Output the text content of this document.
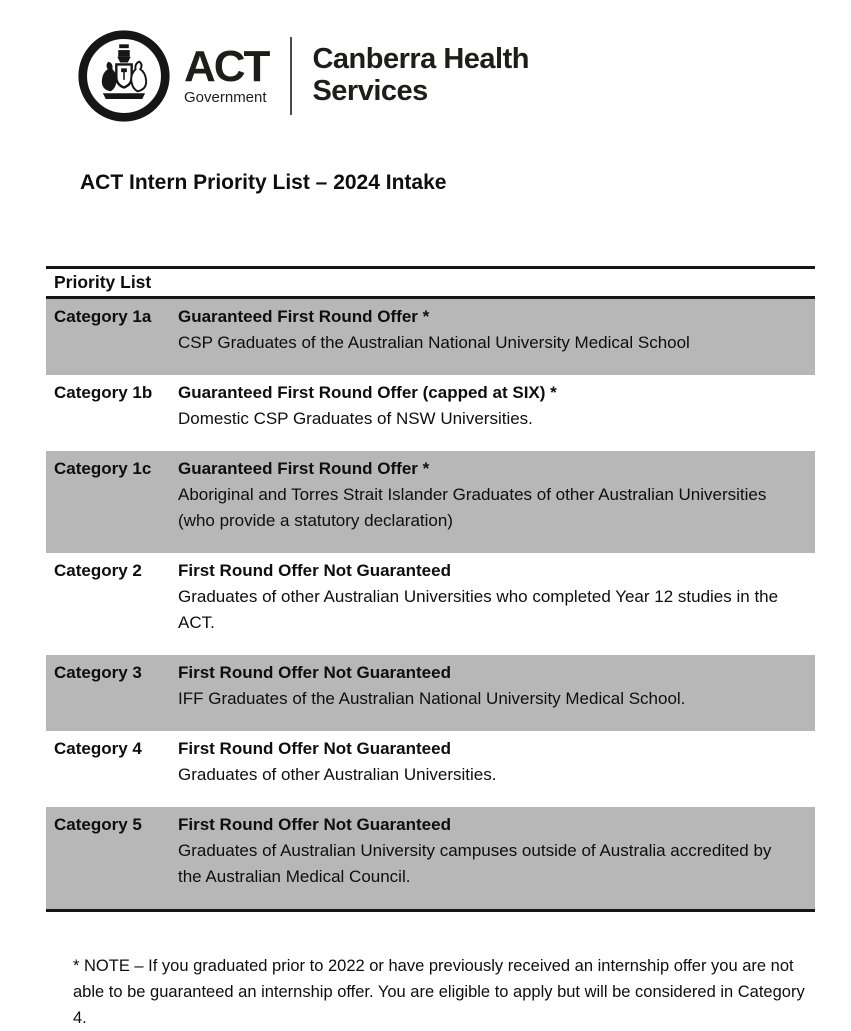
ACT
Government
Canberra Health
Services
ACT Intern Priority List – 2024 Intake
Priority List
Category 1a	Guaranteed First Round Offer *
CSP Graduates of the Australian National University Medical School
Category 1b	Guaranteed First Round Offer (capped at SIX) *
Domestic CSP Graduates of NSW Universities.
Category 1c	Guaranteed First Round Offer *
Aboriginal and Torres Strait Islander Graduates of other Australian Universities (who provide a statutory declaration)
Category 2	First Round Offer Not Guaranteed
Graduates of other Australian Universities who completed Year 12 studies in the ACT.
Category 3	First Round Offer Not Guaranteed
IFF Graduates of the Australian National University Medical School.
Category 4	First Round Offer Not Guaranteed
Graduates of other Australian Universities.
Category 5	First Round Offer Not Guaranteed
Graduates of Australian University campuses outside of Australia accredited by the Australian Medical Council.

* NOTE – If you graduated prior to 2022 or have previously received an internship offer you are not able to be guaranteed an internship offer. You are eligible to apply but will be considered in Category 4.
